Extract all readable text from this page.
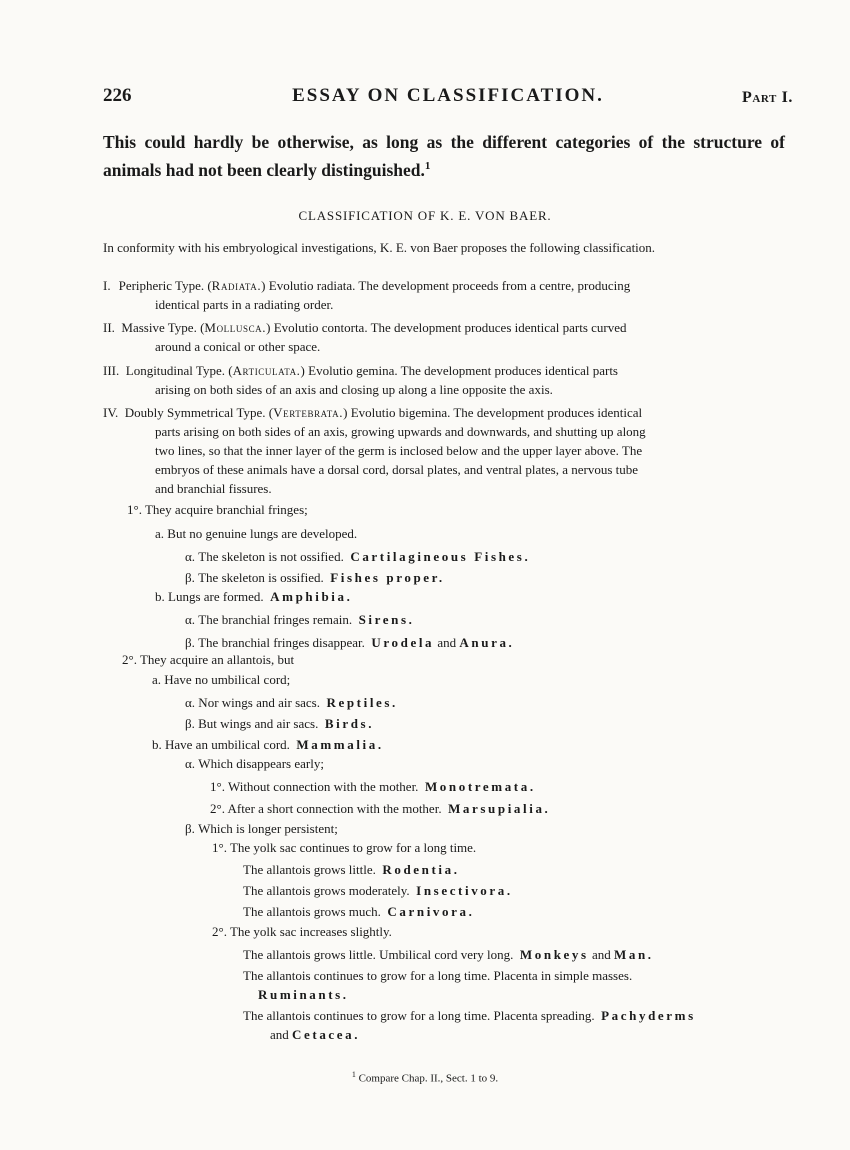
226	ESSAY ON CLASSIFICATION.	Part I.
This could hardly be otherwise, as long as the different categories of the structure of animals had not been clearly distinguished.$^1$
CLASSIFICATION OF K. E. VON BAER.
In conformity with his embryological investigations, K. E. von Baer proposes the following classification.
I. Peripheric Type. (Radiata.) Evolutio radiata. The development proceeds from a centre, producing
identical parts in a radiating order.
II. Massive Type. (Mollusca.) Evolutio contorta. The development produces identical parts curved
around a conical or other space.
III. Longitudinal Type. (Articulata.) Evolutio gemina. The development produces identical parts
arising on both sides of an axis and closing up along a line opposite the axis.
IV. Doubly Symmetrical Type. (Vertebrata.) Evolutio bigemina. The development produces identical
parts arising on both sides of an axis, growing upwards and downwards, and shutting up along
two lines, so that the inner layer of the germ is inclosed below and the upper layer above. The
embryos of these animals have a dorsal cord, dorsal plates, and ventral plates, a nervous tube
and branchial fissures.
1°. They acquire branchial fringes;
a. But no genuine lungs are developed.
α. The skeleton is not ossified. Cartilagineous Fishes.
β. The skeleton is ossified. Fishes proper.
b. Lungs are formed. Amphibia.
α. The branchial fringes remain. Sirens.
β. The branchial fringes disappear. Urodela and Anura.
2°. They acquire an allantois, but
a. Have no umbilical cord;
α. Nor wings and air sacs. Reptiles.
β. But wings and air sacs. Birds.
b. Have an umbilical cord. Mammalia.
α. Which disappears early;
1°. Without connection with the mother. Monotremata.
2°. After a short connection with the mother. Marsupialia.
β. Which is longer persistent;
1°. The yolk sac continues to grow for a long time.
The allantois grows little. Rodentia.
The allantois grows moderately. Insectivora.
The allantois grows much. Carnivora.
2°. The yolk sac increases slightly.
The allantois grows little. Umbilical cord very long. Monkeys and Man.
The allantois continues to grow for a long time. Placenta in simple masses.
Ruminants.
The allantois continues to grow for a long time. Placenta spreading. Pachyderms
and Cetacea.
$^1$ Compare Chap. II., Sect. 1 to 9.
